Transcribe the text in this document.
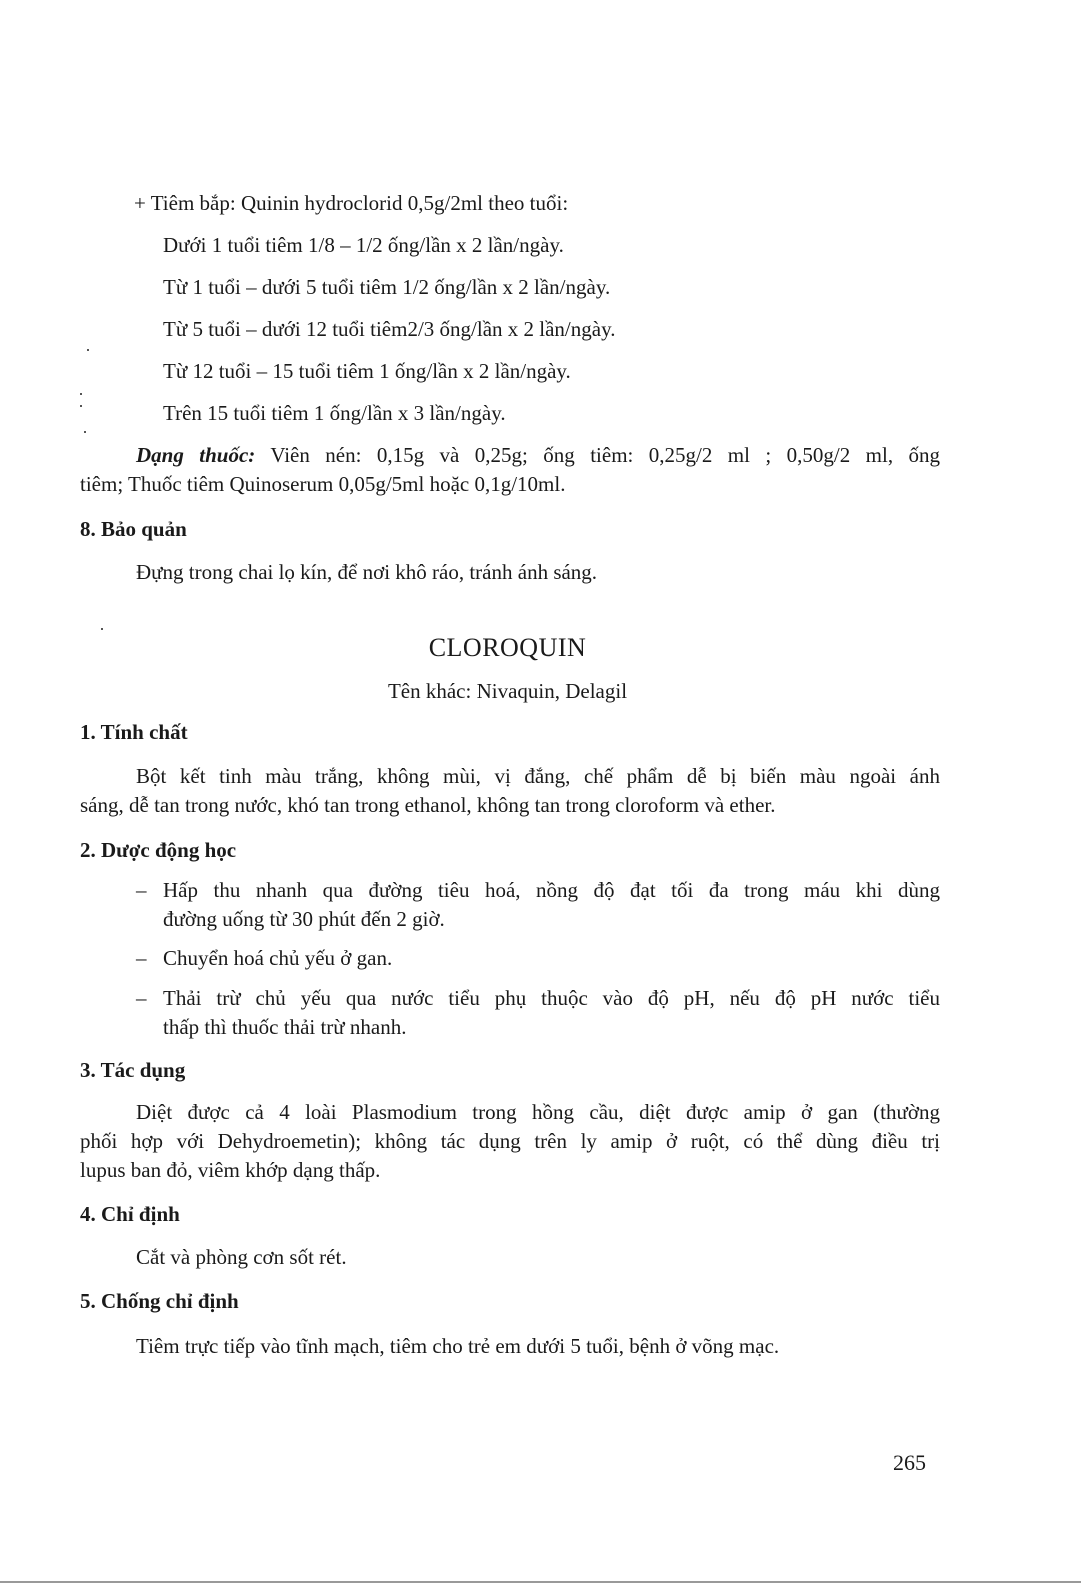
+ Tiêm bắp: Quinin hydroclorid 0,5g/2ml theo tuổi:
Dưới 1 tuổi tiêm 1/8 – 1/2 ống/lần x 2 lần/ngày.
Từ 1 tuổi – dưới 5 tuổi tiêm 1/2 ống/lần x 2 lần/ngày.
Từ 5 tuổi – dưới 12 tuổi tiêm2/3 ống/lần x 2 lần/ngày.
Từ 12 tuổi – 15 tuổi tiêm 1 ống/lần x 2 lần/ngày.
Trên 15 tuổi tiêm 1 ống/lần x 3 lần/ngày.
Dạng thuốc: Viên nén: 0,15g và 0,25g; ống tiêm: 0,25g/2 ml ; 0,50g/2 ml, ống
tiêm; Thuốc tiêm Quinoserum 0,05g/5ml hoặc 0,1g/10ml.
8. Bảo quản
Đựng trong chai lọ kín, để nơi khô ráo, tránh ánh sáng.
CLOROQUIN
Tên khác: Nivaquin, Delagil
1. Tính chất
Bột kết tinh màu trắng, không mùi, vị đắng, chế phẩm dễ bị biến màu ngoài ánh
sáng, dễ tan trong nước, khó tan trong ethanol, không tan trong cloroform và ether.
2. Dược động học
– Hấp thu nhanh qua đường tiêu hoá, nồng độ đạt tối đa trong máu khi dùng
đường uống từ 30 phút đến 2 giờ.
– Chuyển hoá chủ yếu ở gan.
– Thải trừ chủ yếu qua nước tiểu phụ thuộc vào độ pH, nếu độ pH nước tiểu
thấp thì thuốc thải trừ nhanh.
3. Tác dụng
Diệt được cả 4 loài Plasmodium trong hồng cầu, diệt được amip ở gan (thường
phối hợp với Dehydroemetin); không tác dụng trên ly amip ở ruột, có thể dùng điều trị
lupus ban đỏ, viêm khớp dạng thấp.
4. Chỉ định
Cắt và phòng cơn sốt rét.
5. Chống chỉ định
Tiêm trực tiếp vào tĩnh mạch, tiêm cho trẻ em dưới 5 tuổi, bệnh ở võng mạc.
265
